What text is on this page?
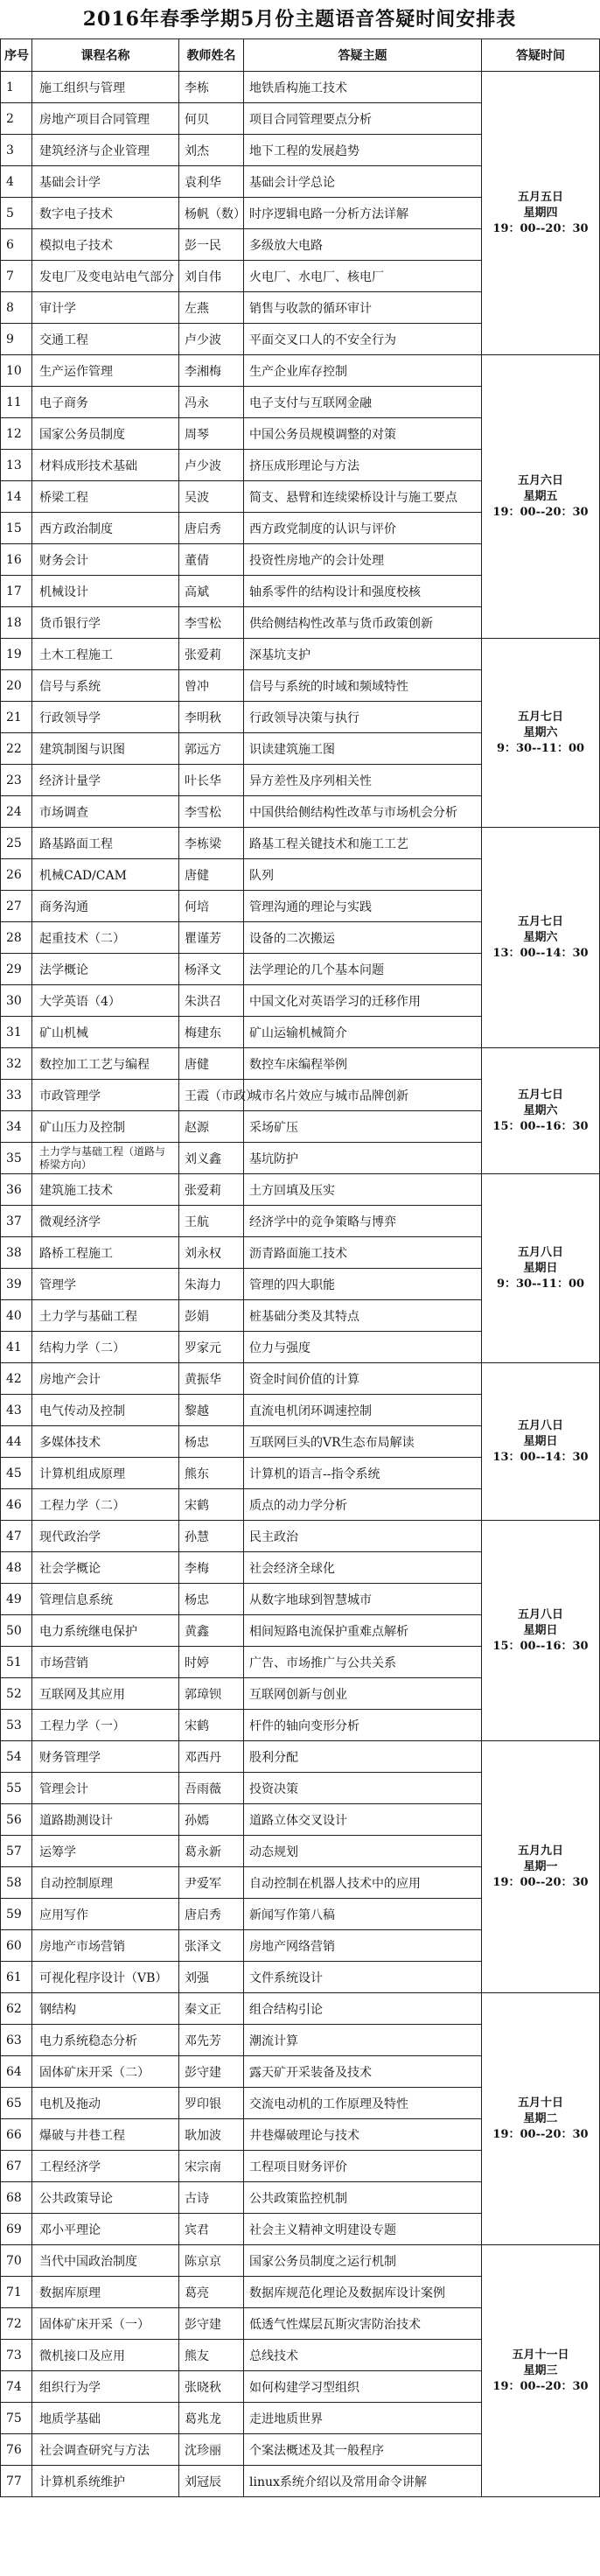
2016年春季学期5月份主题语音答疑时间安排表
序号	课程名称	教师姓名	答疑主题	答疑时间
1	施工组织与管理	李栋	地铁盾构施工技术	五月五日
星期四
19：00--20：30

2	房地产项目合同管理	何贝	项目合同管理要点分析	
3	建筑经济与企业管理	刘杰	地下工程的发展趋势	
4	基础会计学	袁利华	基础会计学总论	
5	数字电子技术	杨帆（数）	时序逻辑电路一分析方法详解	
6	模拟电子技术	彭一民	多级放大电路	
7	发电厂及变电站电气部分	刘自伟	火电厂、水电厂、核电厂	
8	审计学	左燕	销售与收款的循环审计	
9	交通工程	卢少波	平面交叉口人的不安全行为	
10	生产运作管理	李湘梅	生产企业库存控制	五月六日
星期五
19：00--20：30

11	电子商务	冯永	电子支付与互联网金融	
12	国家公务员制度	周琴	中国公务员规模调整的对策	
13	材料成形技术基础	卢少波	挤压成形理论与方法	
14	桥梁工程	吴波	简支、悬臂和连续梁桥设计与施工要点	
15	西方政治制度	唐启秀	西方政党制度的认识与评价	
16	财务会计	董倩	投资性房地产的会计处理	
17	机械设计	高斌	轴系零件的结构设计和强度校核	
18	货币银行学	李雪松	供给侧结构性改革与货币政策创新	
19	土木工程施工	张爱莉	深基坑支护	五月七日
星期六
9：30--11：00

20	信号与系统	曾冲	信号与系统的时域和频域特性	
21	行政领导学	李明秋	行政领导决策与执行	
22	建筑制图与识图	郭远方	识读建筑施工图	
23	经济计量学	叶长华	异方差性及序列相关性	
24	市场调查	李雪松	中国供给侧结构性改革与市场机会分析	
25	路基路面工程	李栋梁	路基工程关键技术和施工工艺	五月七日
星期六
13：00--14：30

26	机械CAD/CAM	唐健	队列	
27	商务沟通	何培	管理沟通的理论与实践	
28	起重技术（二）	瞿谨芳	设备的二次搬运	
29	法学概论	杨泽文	法学理论的几个基本问题	
30	大学英语（4）	朱洪召	中国文化对英语学习的迁移作用	
31	矿山机械	梅建东	矿山运输机械简介	
32	数控加工工艺与编程	唐健	数控车床编程举例	五月七日
星期六
15：00--16：30

33	市政管理学	王霞（市政）	城市名片效应与城市品牌创新	
34	矿山压力及控制	赵源	采场矿压	
35	土力学与基础工程（道路与桥梁方向）	刘义鑫	基坑防护	
36	建筑施工技术	张爱莉	土方回填及压实	五月八日
星期日
9：30--11：00

37	微观经济学	王航	经济学中的竞争策略与博弈	
38	路桥工程施工	刘永权	沥青路面施工技术	
39	管理学	朱海力	管理的四大职能	
40	土力学与基础工程	彭娟	桩基础分类及其特点	
41	结构力学（二）	罗家元	位力与强度	
42	房地产会计	黄振华	资金时间价值的计算	五月八日
星期日
13：00--14：30

43	电气传动及控制	黎越	直流电机闭环调速控制	
44	多媒体技术	杨忠	互联网巨头的VR生态布局解读	
45	计算机组成原理	熊东	计算机的语言--指令系统	
46	工程力学（二）	宋鹤	质点的动力学分析	
47	现代政治学	孙慧	民主政治	五月八日
星期日
15：00--16：30

48	社会学概论	李梅	社会经济全球化	
49	管理信息系统	杨忠	从数字地球到智慧城市	
50	电力系统继电保护	黄鑫	相间短路电流保护重难点解析	
51	市场营销	时婷	广告、市场推广与公共关系	
52	互联网及其应用	郭璋钡	互联网创新与创业	
53	工程力学（一）	宋鹤	杆件的轴向变形分析	
54	财务管理学	邓西丹	股利分配	五月九日
星期一
19：00--20：30

55	管理会计	吾雨薇	投资决策	
56	道路勘测设计	孙嫣	道路立体交叉设计	
57	运筹学	葛永新	动态规划	
58	自动控制原理	尹爱军	自动控制在机器人技术中的应用	
59	应用写作	唐启秀	新闻写作第八稿	
60	房地产市场营销	张泽文	房地产网络营销	
61	可视化程序设计（VB）	刘强	文件系统设计	
62	钢结构	秦文正	组合结构引论	五月十日
星期二
19：00--20：30

63	电力系统稳态分析	邓先芳	潮流计算	
64	固体矿床开采（二）	彭守建	露天矿开采装备及技术	
65	电机及拖动	罗印银	交流电动机的工作原理及特性	
66	爆破与井巷工程	耿加波	井巷爆破理论与技术	
67	工程经济学	宋宗南	工程项目财务评价	
68	公共政策导论	古诗	公共政策监控机制	
69	邓小平理论	宾君	社会主义精神文明建设专题	
70	当代中国政治制度	陈京京	国家公务员制度之运行机制	五月十一日
星期三
19：00--20：30

71	数据库原理	葛亮	数据库规范化理论及数据库设计案例	
72	固体矿床开采（一）	彭守建	低透气性煤层瓦斯灾害防治技术	
73	微机接口及应用	熊友	总线技术	
74	组织行为学	张晓秋	如何构建学习型组织	
75	地质学基础	葛兆龙	走进地质世界	
76	社会调查研究与方法	沈珍丽	个案法概述及其一般程序	
77	计算机系统维护	刘冠辰	linux系统介绍以及常用命令讲解	
